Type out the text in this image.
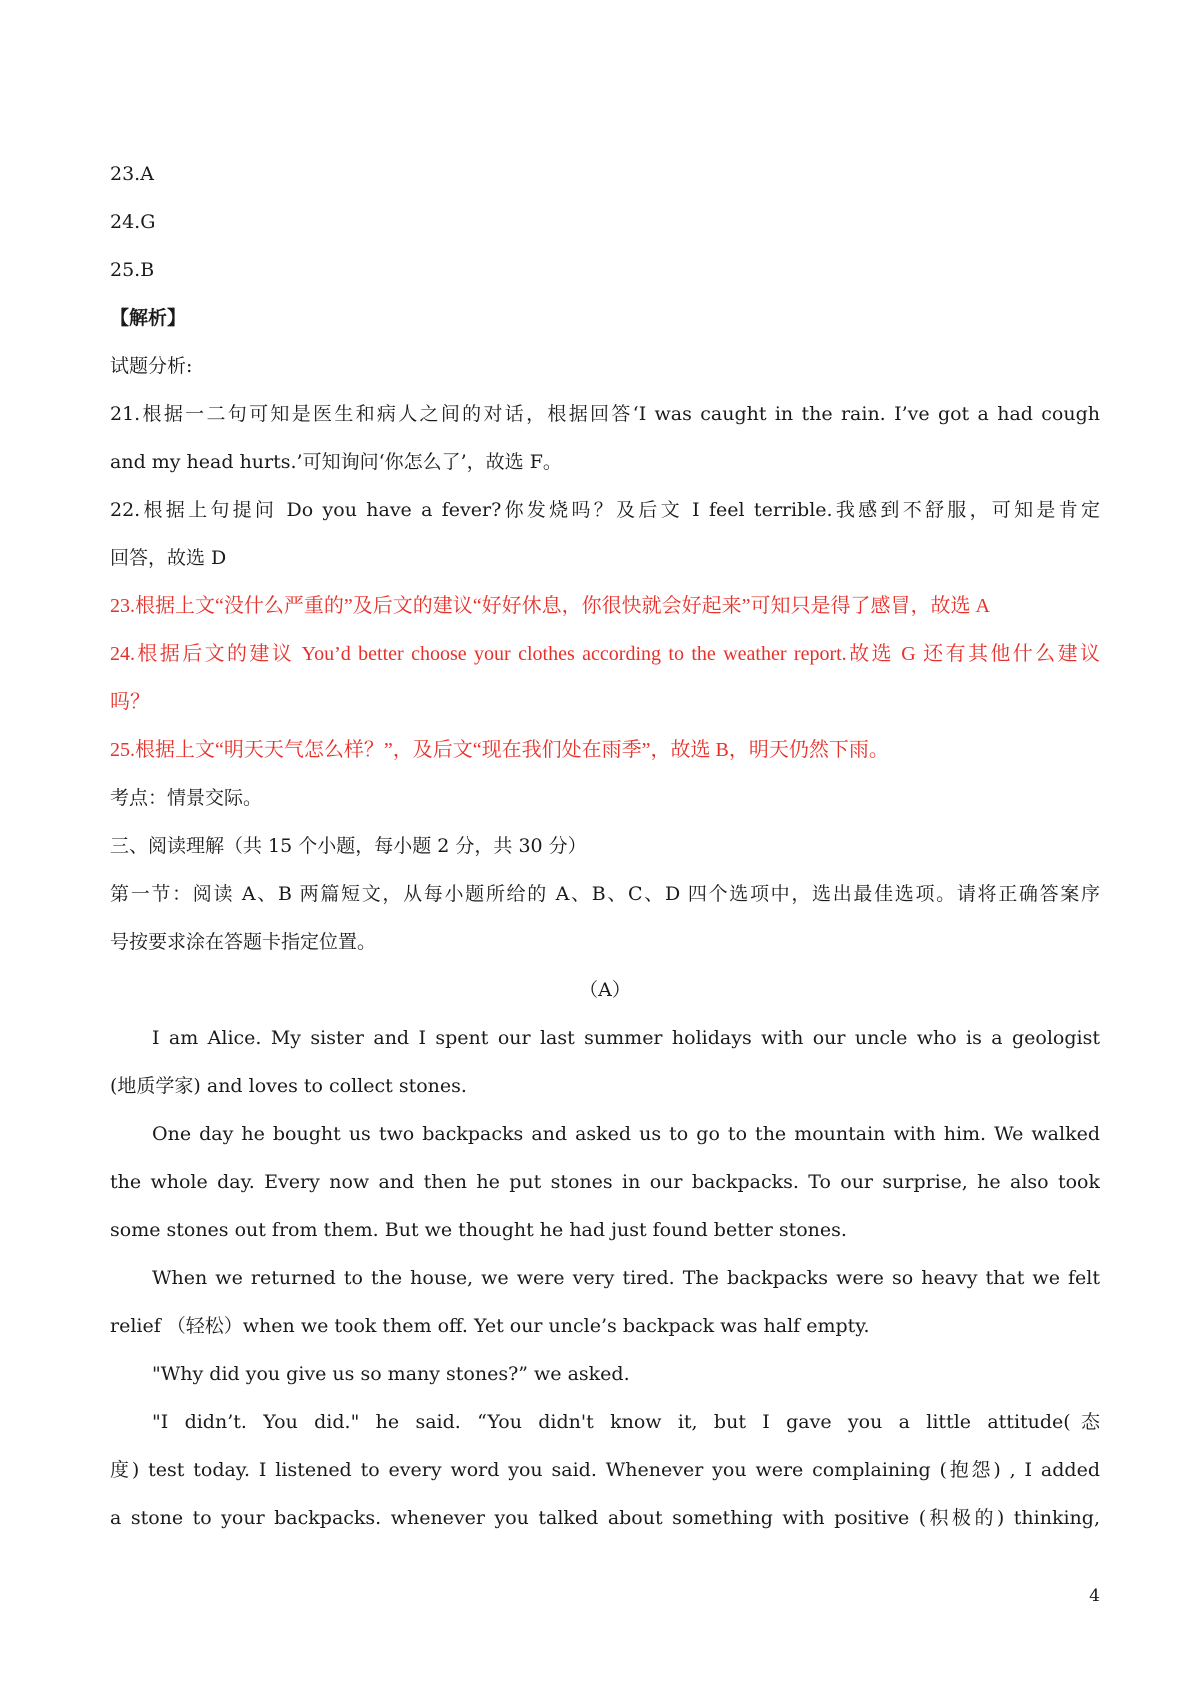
23.A
24.G
25.B
【解析】
试题分析:
21.根据一二句可知是医生和病人之间的对话，根据回答‘I was caught in the rain. I’ve got a had cough
and my head hurts.’可知询问‘你怎么了’，故选 F。
22.根据上句提问 Do you have a fever?你发烧吗？及后文 I feel terrible.我感到不舒服，可知是肯定
回答，故选 D
23.根据上文“没什么严重的”及后文的建议“好好休息，你很快就会好起来”可知只是得了感冒，故选 A
24.根据后文的建议 You’d better choose your clothes according to the weather report.故选 G 还有其他什么建议
吗？
25.根据上文“明天天气怎么样？”，及后文“现在我们处在雨季”，故选 B，明天仍然下雨。
考点：情景交际。
三、阅读理解（共 15 个小题，每小题 2 分，共 30 分）
第一节：阅读 A、B 两篇短文，从每小题所给的 A、B、C、D 四个选项中，选出最佳选项。请将正确答案序
号按要求涂在答题卡指定位置。
（A）
I am Alice. My sister and I spent our last summer holidays with our uncle who is a geologist
(地质学家) and loves to collect stones.
One day he bought us two backpacks and asked us to go to the mountain with him. We walked
the whole day. Every now and then he put stones in our backpacks. To our surprise, he also took
some stones out from them. But we thought he had just found better stones.
When we returned to the house, we were very tired. The backpacks were so heavy that we felt
relief （轻松）when we took them off. Yet our uncle’s backpack was half empty.
"Why did you give us so many stones?” we asked.
"I didn’t. You did." he said. “You didn't know it, but I gave you a little attitude(态
度) test today. I listened to every word you said. Whenever you were complaining (抱怨) , I added
a stone to your backpacks. whenever you talked about something with positive (积极的) thinking,
4
